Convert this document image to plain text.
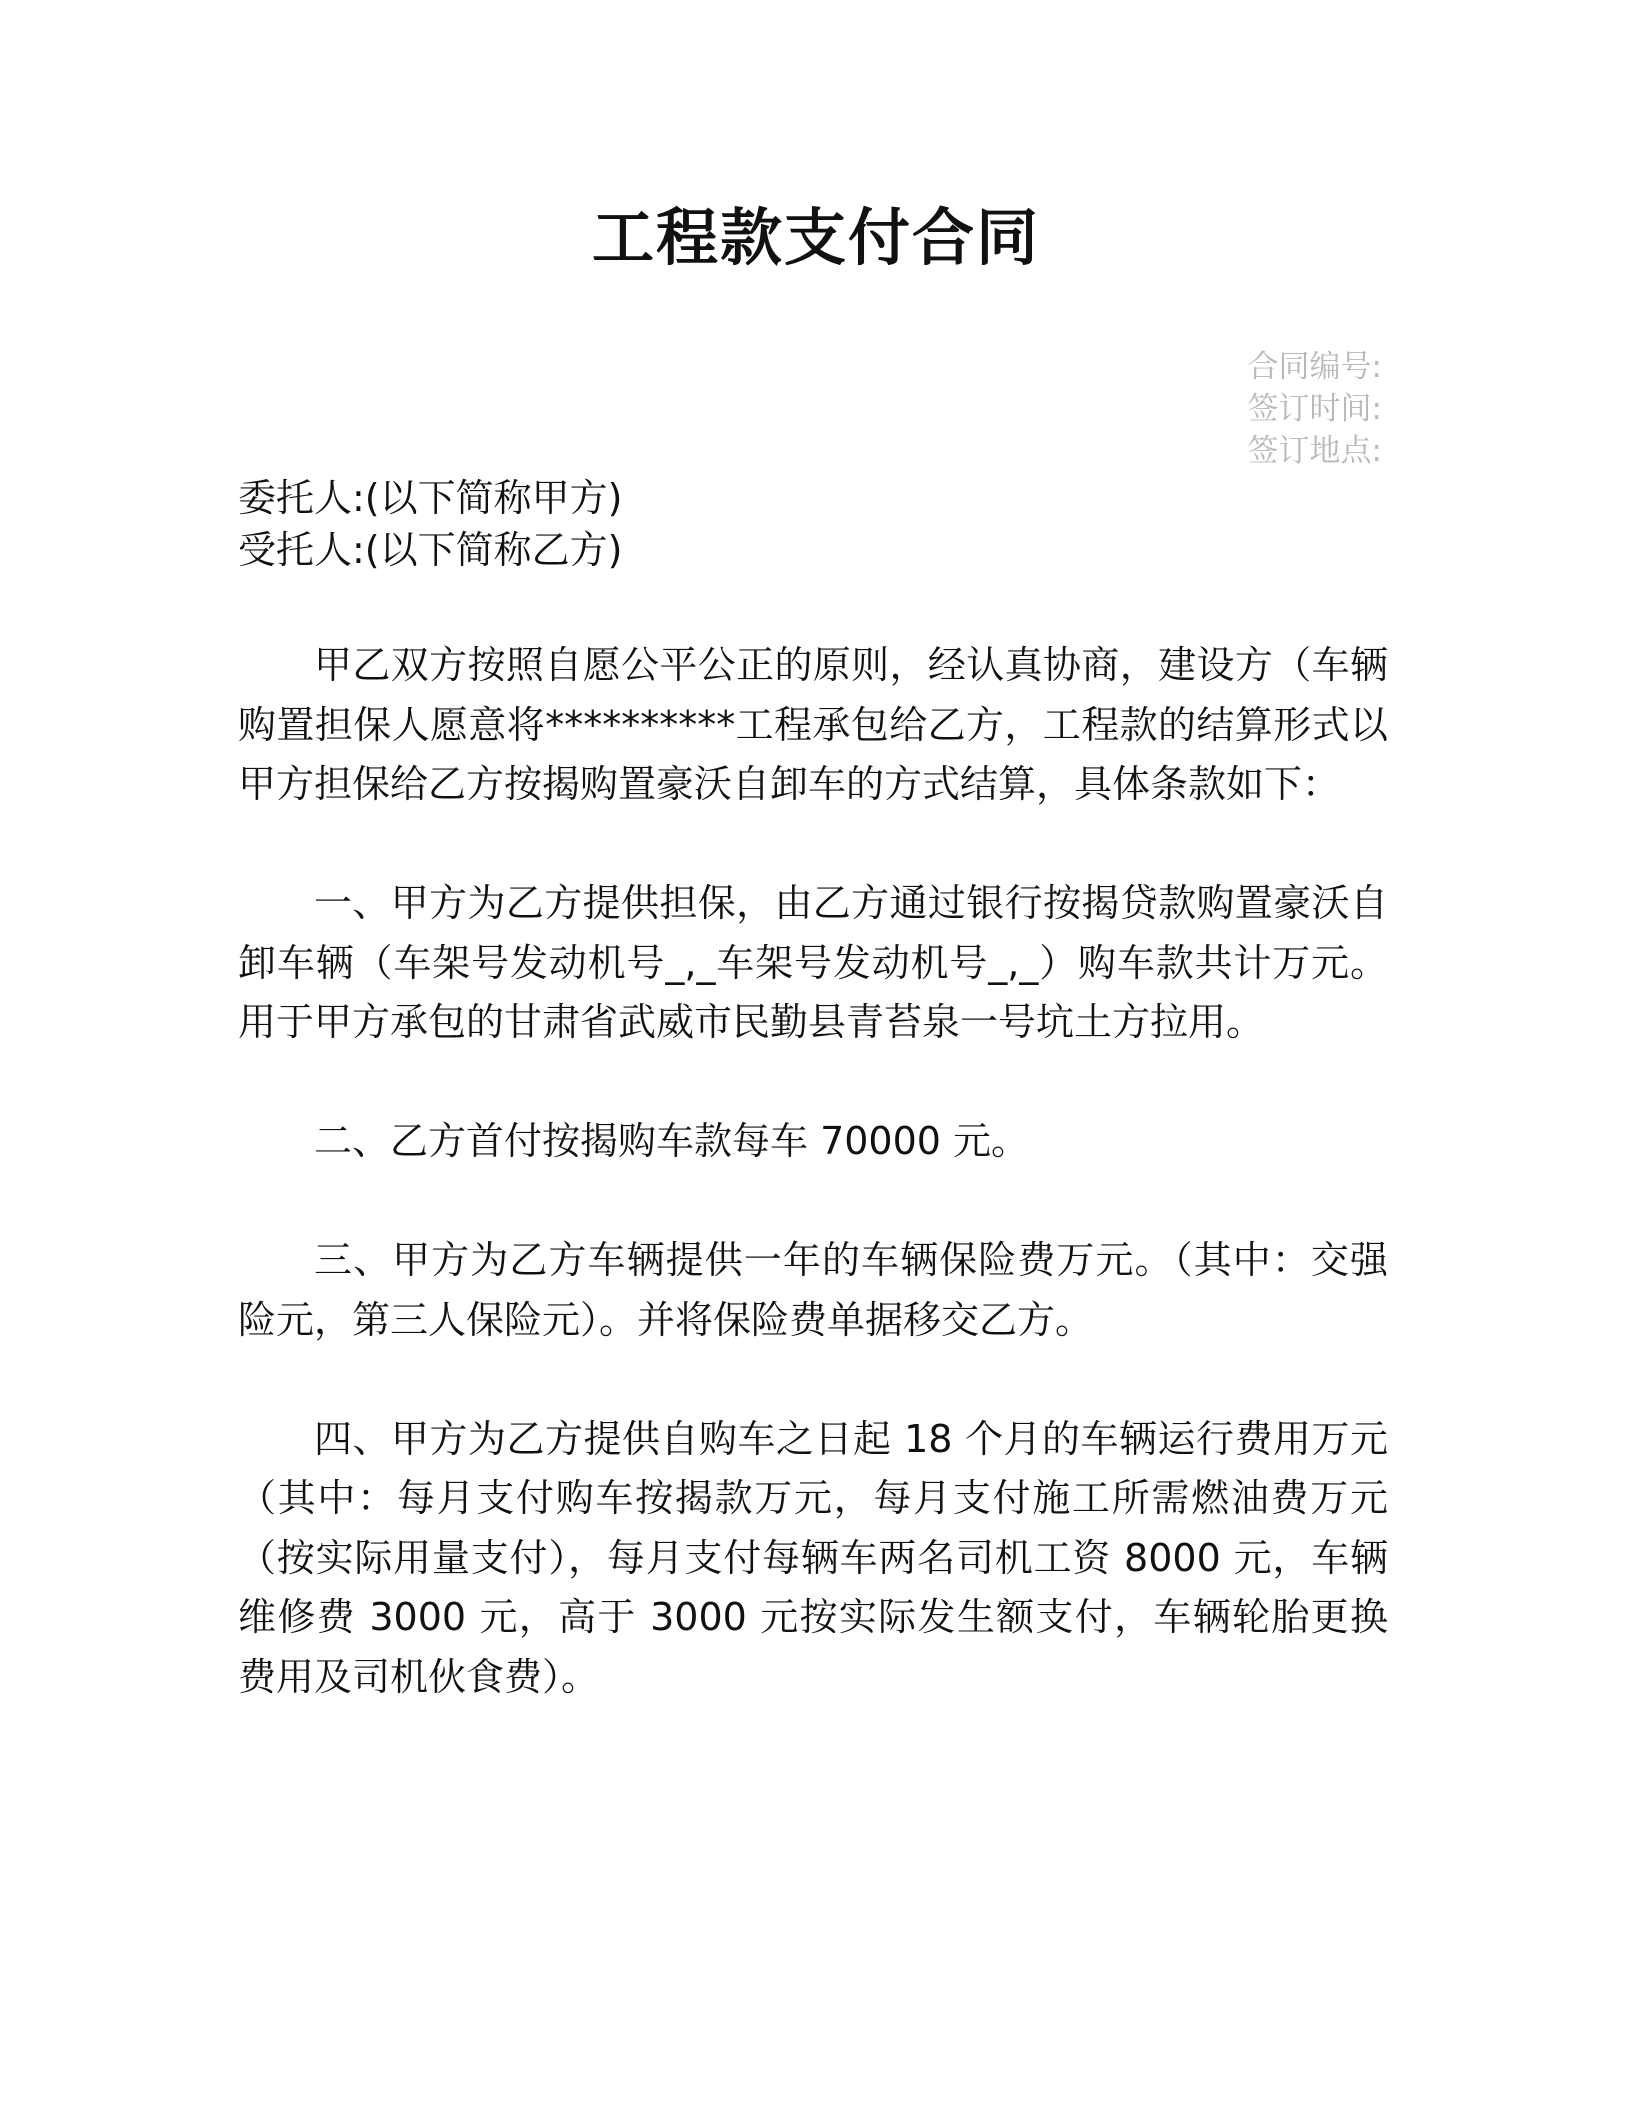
工程款支付合同
合同编号:
签订时间:
签订地点:
委托人:(以下简称甲方)
受托人:(以下简称乙方)

甲乙双方按照自愿公平公正的原则，经认真协商，建设方（车辆购置担保人愿意将**********工程承包给乙方，工程款的结算形式以甲方担保给乙方按揭购置豪沃自卸车的方式结算，具体条款如下：

一、甲方为乙方提供担保，由乙方通过银行按揭贷款购置豪沃自卸车辆（车架号发动机号_,_车架号发动机号_,_）购车款共计万元。用于甲方承包的甘肃省武威市民勤县青苔泉一号坑土方拉用。

二、乙方首付按揭购车款每车 70000 元。

三、甲方为乙方车辆提供一年的车辆保险费万元。（其中：交强险元，第三人保险元）。并将保险费单据移交乙方。

四、甲方为乙方提供自购车之日起 18 个月的车辆运行费用万元（其中：每月支付购车按揭款万元，每月支付施工所需燃油费万元（按实际用量支付），每月支付每辆车两名司机工资 8000 元，车辆维修费 3000 元，高于 3000 元按实际发生额支付，车辆轮胎更换费用及司机伙食费）。
